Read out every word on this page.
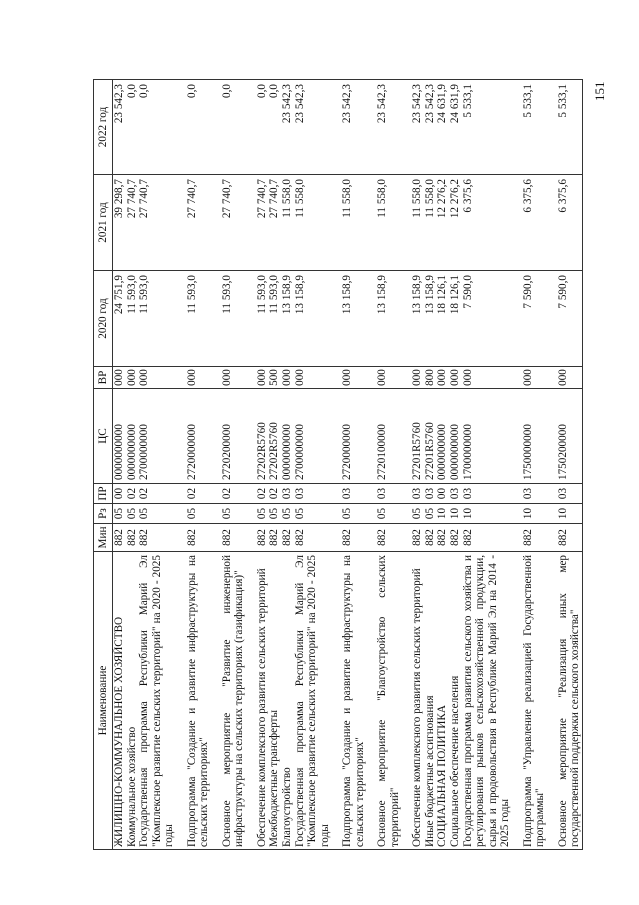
151
Наименование	Мин	Рз	ПР	ЦС	ВР	2020 год	2021 год	2022 год
ЖИЛИЩНО-КОММУНАЛЬНОЕ ХОЗЯЙСТВО	882	05	00	0000000000	000	24 751,9	39 298,7	23 542,3
Коммунальное хозяйство	882	05	02	0000000000	000	11 593,0	27 740,7	0,0
Государственная программа Республики Марий Эл "Комплексное развитие сельских территорий" на 2020 - 2025 годы	882	05	02	2700000000	000	11 593,0	27 740,7	0,0

Подпрограмма "Создание и развитие инфраструктуры на сельских территориях"	882	05	02	2720000000	000	11 593,0	27 740,7	0,0

Основное мероприятие "Развитие инженерной инфраструктуры на сельских территориях (газификация)"	882	05	02	2720200000	000	11 593,0	27 740,7	0,0

Обеспечение комплексного развития сельских территорий	882	05	02	27202R5760	000	11 593,0	27 740,7	0,0
Межбюджетные трансферты	882	05	02	27202R5760	500	11 593,0	27 740,7	0,0
Благоустройство	882	05	03	0000000000	000	13 158,9	11 558,0	23 542,3
Государственная программа Республики Марий Эл "Комплексное развитие сельских территорий" на 2020 - 2025 годы	882	05	03	2700000000	000	13 158,9	11 558,0	23 542,3

Подпрограмма "Создание и развитие инфраструктуры на сельских территориях"	882	05	03	2720000000	000	13 158,9	11 558,0	23 542,3

Основное мероприятие "Благоустройство сельских территорий"	882	05	03	2720100000	000	13 158,9	11 558,0	23 542,3

Обеспечение комплексного развития сельских территорий	882	05	03	27201R5760	000	13 158,9	11 558,0	23 542,3
Иные бюджетные ассигнования	882	05	03	27201R5760	800	13 158,9	11 558,0	23 542,3
СОЦИАЛЬНАЯ ПОЛИТИКА	882	10	00	0000000000	000	18 126,1	12 276,2	24 631,9
Социальное обеспечение населения	882	10	03	0000000000	000	18 126,1	12 276,2	24 631,9
Государственная программа развития сельского хозяйства и регулирования рынков сельскохозяйственной продукции, сырья и продовольствия в Республике Марий Эл на 2014 - 2025 годы	882	10	03	1700000000	000	7 590,0	6 375,6	5 533,1

Подпрограмма "Управление реализацией Государственной программы"	882	10	03	1750000000	000	7 590,0	6 375,6	5 533,1

Основное мероприятие "Реализация иных мер государственной поддержки сельского хозяйства"	882	10	03	1750200000	000	7 590,0	6 375,6	5 533,1
